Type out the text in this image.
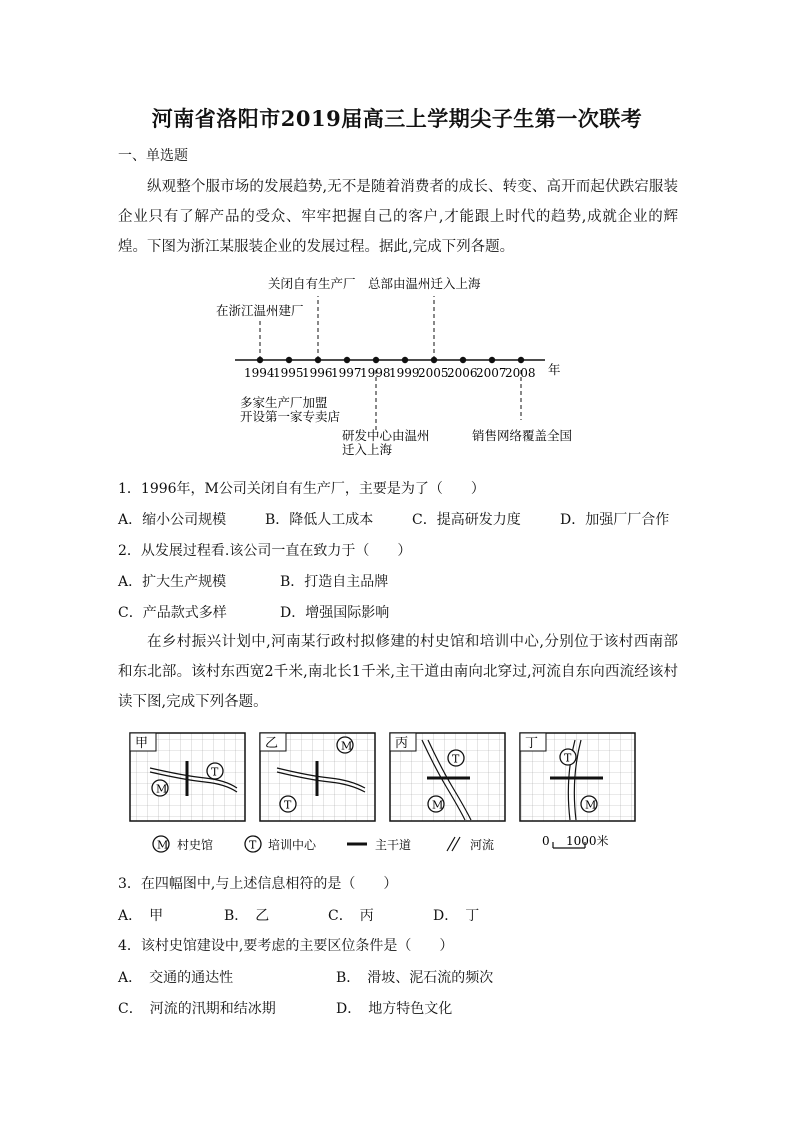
河南省洛阳市2019届高三上学期尖子生第一次联考
一、单选题
纵观整个服市场的发展趋势,无不是随着消费者的成长、转变、高开而起伏跌宕服装企业只有了解产品的受众、牢牢把握自己的客户,才能跟上时代的趋势,成就企业的辉煌。下图为浙江某服装企业的发展过程。据此,完成下列各题。
1994
1995
1996
1997
1998
1999
2005
2006
2007
2008 年
关闭自有生产厂 总部由温州迁入上海
在浙江温州建厂
多家生产厂加盟
开设第一家专卖店
研发中心由温州
迁入上海
销售网络覆盖全国
1．1996年，M公司关闭自有生产厂，主要是为了（　　）
A．缩小公司规模	B．降低人工成本	C．提高研发力度	D．加强厂厂合作
2．从发展过程看.该公司一直在致力于（　　）
A．扩大生产规模	B．打造自主品牌
C．产品款式多样	D．增强国际影响
在乡村振兴计划中,河南某行政村拟修建的村史馆和培训中心,分别位于该村西南部和东北部。该村东西宽2千米,南北长1千米,主干道由南向北穿过,河流自东向西流经该村读下图,完成下列各题。
甲
M
T
乙	M
T
丙
T
M
丁
T
M
M 村史馆	T 培训中心	主干道	河流	0 1000米
3．在四幅图中,与上述信息相符的是（　　）
A．　甲	B．　乙	C．　丙	D．　丁
4．该村史馆建设中,要考虑的主要区位条件是（　　）
A．　交通的通达性	B．　滑坡、泥石流的频次
C．　河流的汛期和结冰期	D．　地方特色文化
